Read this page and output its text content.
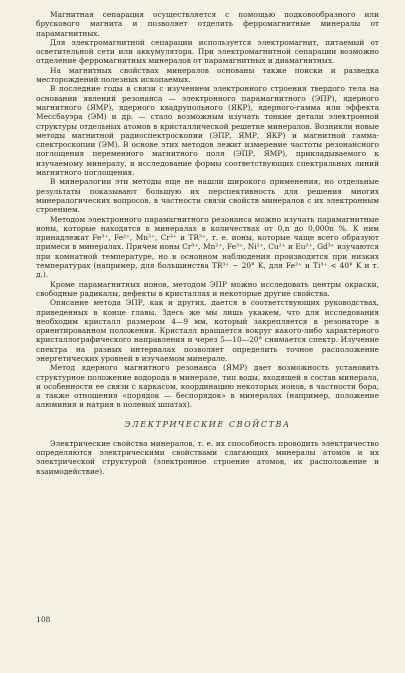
Магнитная сепарация осуществляется с помощью подковообразного или брускового магнита и позволяет отделить ферромагнитные минералы от парамагнитных.

Для электромагнитной сепарации используется электромагнит, питаемый от осветительной сети или аккумулятора. При электромагнитной сепарации возможно отделение ферромагнитных минералов от парамагнитных и диамагнитных.

На магнитных свойствах минералов основаны также поиски и разведка месторождений полезных ископаемых.

В последние годы в связи с изучением электронного строения твердого тела на основании явлений резонанса — электронного парамагнитного (ЭПР), ядерного магнитного (ЯМР), ядерного квадрупольного (ЯКР), ядерного-гамма или эффекта Мессбауэра (ЭМ) и др. — стало возможным изучать тонкие детали электронной структуры отдельных атомов в кристаллической решетке минералов. Возникли новые методы магнитной радиоспектроскопии (ЭПР, ЯМР, ЯКР) и магнитной гамма-спектроскопии (ЭМ). В основе этих методов лежит измерение частоты резонансного поглощения переменного магнитного поля (ЭПР, ЯМР), прикладываемого к изучаемому минералу, и исследование формы соответствующих спектральных линий магнитного поглощения.

В минералогии эти методы еще не нашли широкого применения, но отдельные результаты показывают большую их перспективность для решения многих минералогических вопросов, в частности связи свойств минералов с их электронным строением.

Методом электронного парамагнитного резонанса можно изучать парамагнитные ионы, которые находятся в минералах в количествах от 0,n до 0,000n %. К ним принадлежат Fe³⁺, Fe²⁺, Mn²⁺, Cr³⁺ и TR³⁺, т. е. ионы, которые чаще всего образуют примеси в минералах. Причем ионы Cr³⁺, Mn²⁺, Fe³⁺, Ni²⁺, Cu²⁺ и Eu²⁺, Gd³⁺ изучаются при комнатной температуре, но в основном наблюдения производятся при низких температурах (например, для большинства TR³⁺ ~ 20° K, для Fe²⁺ и Ti³⁺ < 40° K и т. д.).

Кроме парамагнитных ионов, методом ЭПР можно исследовать центры окраски, свободные радикалы, дефекты в кристаллах и некоторые другие свойства.

Описание метода ЭПР, как и других, дается в соответствующих руководствах, приведенных в конце главы. Здесь же мы лишь укажем, что для исследования необходим кристалл размером 4—9 мм, который закрепляется в резонаторе в ориентированном положении. Кристалл вращается вокруг какого-либо характерного кристаллографического направления и через 5—10—20° снимается спектр. Изучение спектра на разных интервалах позволяет определить точное расположение энергетических уровней в изучаемом минерале.

Метод ядерного магнитного резонанса (ЯМР) дает возможность установить структурное положение водорода в минерале, тип воды, входящей в состав минерала, и особенности ее связи с каркасом, координацию некоторых ионов, в частности бора, а также отношения «порядок — беспорядок» в минералах (например, положение алюминия и натрия в полевых шпатах).

ЭЛЕКТРИЧЕСКИЕ СВОЙСТВА

Электрические свойства минералов, т. е. их способность проводить электричество определяются электрическими свойствами слагающих минералы атомов и их электрической структурой (электронное строение атомов, их расположение и взаимодействие).

108
